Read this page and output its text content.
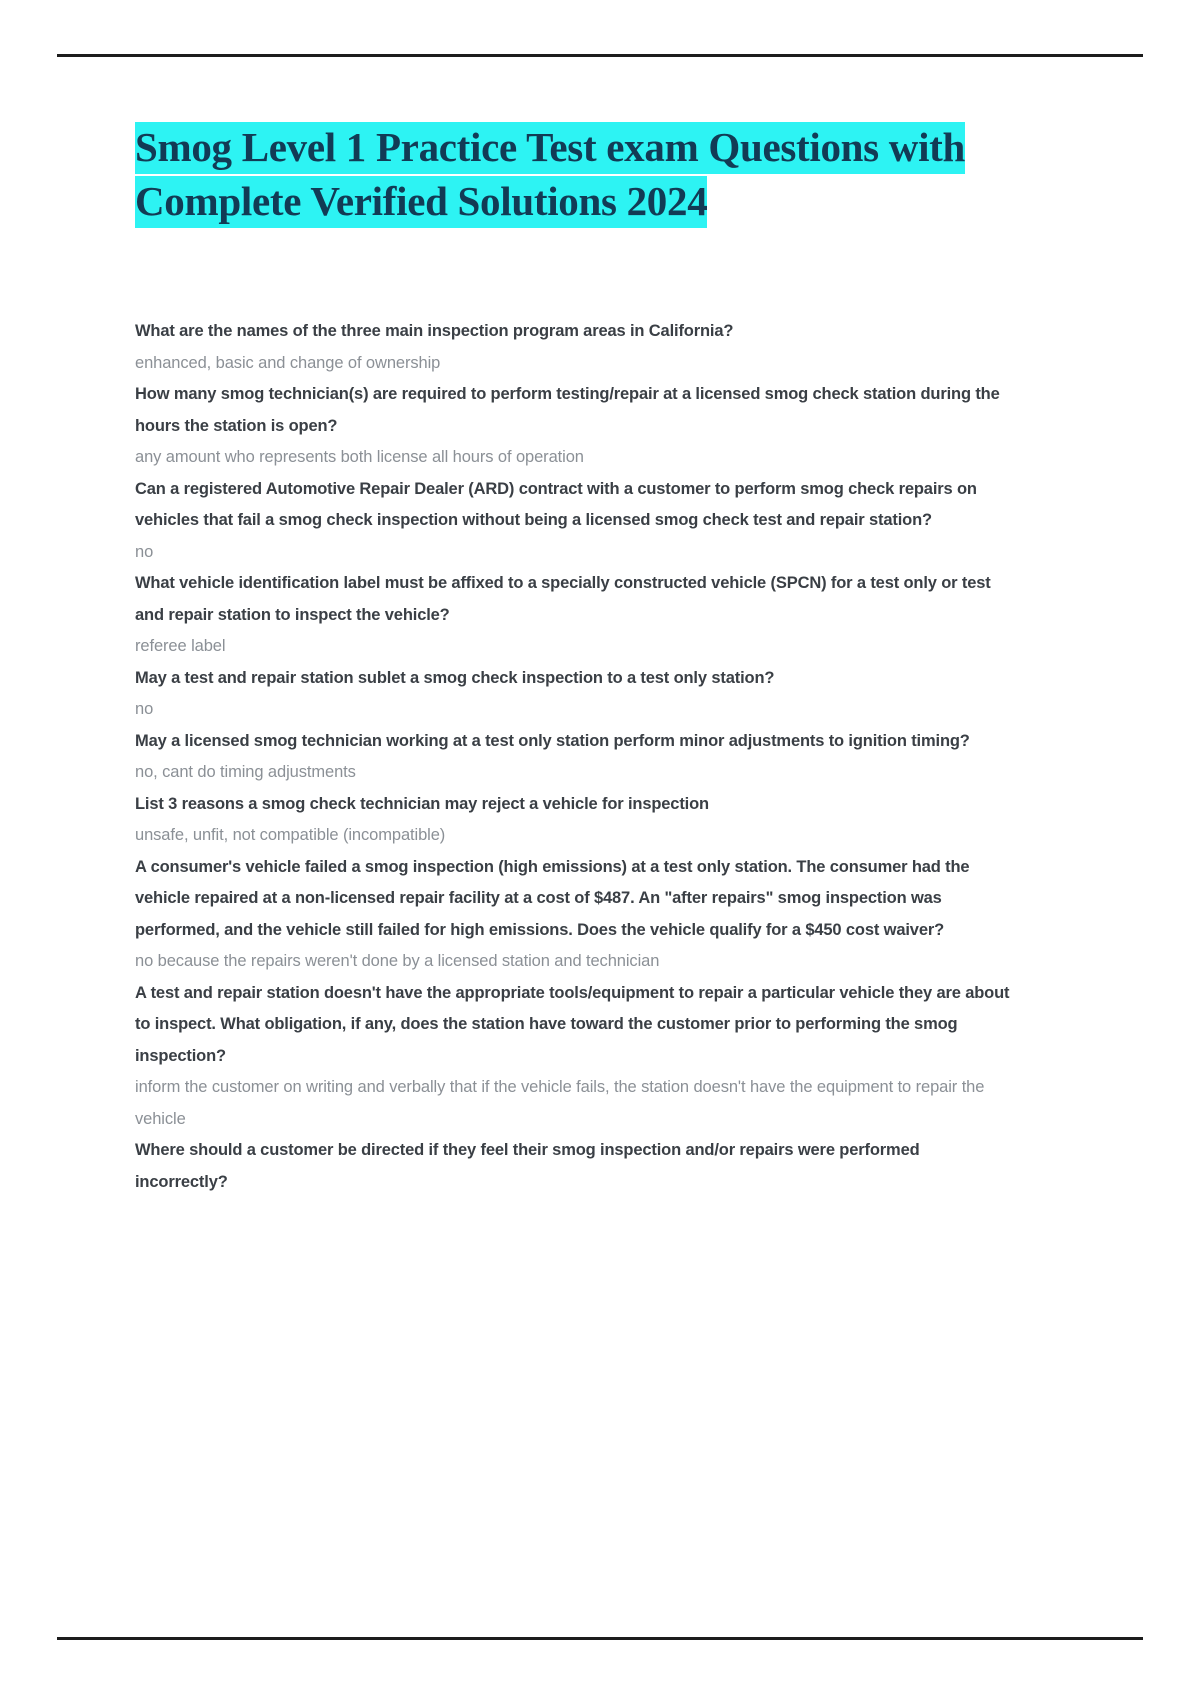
Smog Level 1 Practice Test exam Questions with Complete Verified Solutions 2024

What are the names of the three main inspection program areas in California?

enhanced, basic and change of ownership

How many smog technician(s) are required to perform testing/repair at a licensed smog check station during the hours the station is open?

any amount who represents both license all hours of operation

Can a registered Automotive Repair Dealer (ARD) contract with a customer to perform smog check repairs on vehicles that fail a smog check inspection without being a licensed smog check test and repair station?

no

What vehicle identification label must be affixed to a specially constructed vehicle (SPCN) for a test only or test and repair station to inspect the vehicle?

referee label

May a test and repair station sublet a smog check inspection to a test only station?

no

May a licensed smog technician working at a test only station perform minor adjustments to ignition timing?

no, cant do timing adjustments

List 3 reasons a smog check technician may reject a vehicle for inspection

unsafe, unfit, not compatible (incompatible)

A consumer's vehicle failed a smog inspection (high emissions) at a test only station. The consumer had the vehicle repaired at a non-licensed repair facility at a cost of $487. An "after repairs" smog inspection was performed, and the vehicle still failed for high emissions. Does the vehicle qualify for a $450 cost waiver?

no because the repairs weren't done by a licensed station and technician

A test and repair station doesn't have the appropriate tools/equipment to repair a particular vehicle they are about to inspect. What obligation, if any, does the station have toward the customer prior to performing the smog inspection?

inform the customer on writing and verbally that if the vehicle fails, the station doesn't have the equipment to repair the vehicle

Where should a customer be directed if they feel their smog inspection and/or repairs were performed incorrectly?
